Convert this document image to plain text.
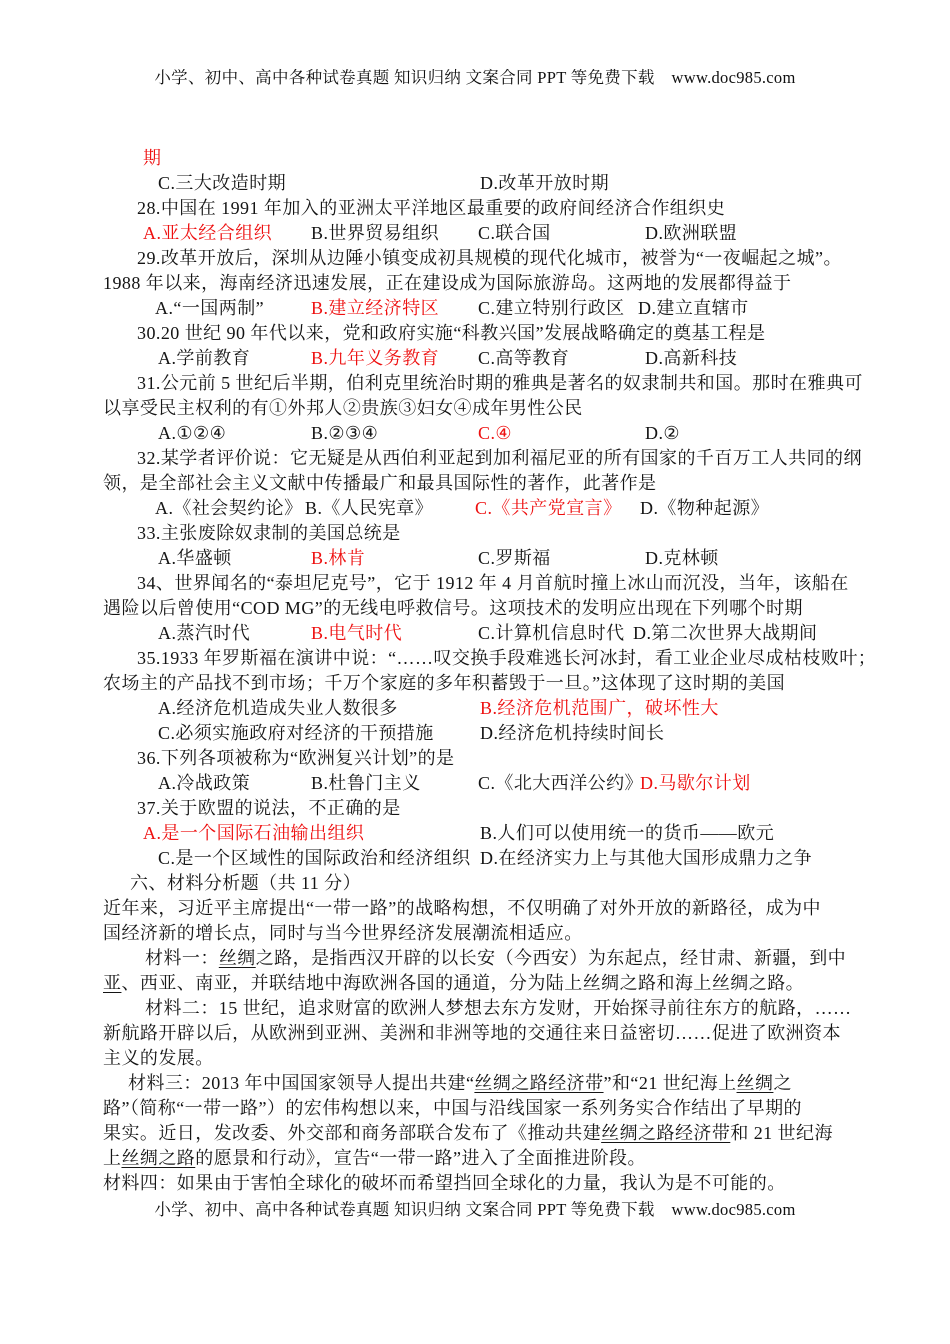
小学、初中、高中各种试卷真题 知识归纳 文案合同 PPT 等免费下载　www.doc985.com
期
C.三大改造时期	D.改革开放时期
28.中国在 1991 年加入的亚洲太平洋地区最重要的政府间经济合作组织史
A.亚太经合组织 B.世界贸易组织 C.联合国	D.欧洲联盟
29.改革开放后，深圳从边陲小镇变成初具规模的现代化城市，被誉为“一夜崛起之城”。
1988 年以来，海南经济迅速发展，正在建设成为国际旅游岛。这两地的发展都得益于
A.“一国两制”	B.建立经济特区 C.建立特别行政区 D.建立直辖市
30.20 世纪 90 年代以来，党和政府实施“科教兴国”发展战略确定的奠基工程是
A.学前教育	B.九年义务教育 C.高等教育	D.高新科技
31.公元前 5 世纪后半期，伯利克里统治时期的雅典是著名的奴隶制共和国。那时在雅典可
以享受民主权利的有①外邦人②贵族③妇女④成年男性公民
A.①②④	B.②③④	C.④	D.②
32.某学者评价说：它无疑是从西伯利亚起到加利福尼亚的所有国家的千百万工人共同的纲
领，是全部社会主义文献中传播最广和最具国际性的著作，此著作是
A.《社会契约论》 B.《人民宪章》 C.《共产党宣言》 D.《物种起源》
33.主张废除奴隶制的美国总统是
A.华盛顿	B.林肯	C.罗斯福	D.克林顿
34、世界闻名的“泰坦尼克号”，它于 1912 年 4 月首航时撞上冰山而沉没，当年，该船在
遇险以后曾使用“COD MG”的无线电呼救信号。这项技术的发明应出现在下列哪个时期
A.蒸汽时代	B.电气时代	C.计算机信息时代 D.第二次世界大战期间
35.1933 年罗斯福在演讲中说：“……叹交换手段难逃长河冰封，看工业企业尽成枯枝败叶；
农场主的产品找不到市场；千万个家庭的多年积蓄毁于一旦。”这体现了这时期的美国
A.经济危机造成失业人数很多	B.经济危机范围广，破坏性大
C.必须实施政府对经济的干预措施	D.经济危机持续时间长
36.下列各项被称为“欧洲复兴计划”的是
A.冷战政策	B.杜鲁门主义	C.《北大西洋公约》
D.马歇尔计划
37.关于欧盟的说法，不正确的是
A.是一个国际石油输出组织	B.人们可以使用统一的货币——欧元
C.是一个区域性的国际政治和经济组织 D.在经济实力上与其他大国形成鼎力之争
六、材料分析题（共 11 分）
近年来，习近平主席提出“一带一路”的战略构想，不仅明确了对外开放的新路径，成为中
国经济新的增长点，同时与当今世界经济发展潮流相适应。
材料一：丝绸之路，是指西汉开辟的以长安（今西安）为东起点，经甘肃、新疆，到中
亚、西亚、南亚，并联结地中海欧洲各国的通道，分为陆上丝绸之路和海上丝绸之路。
材料二：15 世纪，追求财富的欧洲人梦想去东方发财，开始探寻前往东方的航路，……
新航路开辟以后，从欧洲到亚洲、美洲和非洲等地的交通往来日益密切……促进了欧洲资本
主义的发展。
材料三：2013 年中国国家领导人提出共建“丝绸之路经济带”和“21 世纪海上丝绸之
路”（简称“一带一路”）的宏伟构想以来，中国与沿线国家一系列务实合作结出了早期的
果实。近日，发改委、外交部和商务部联合发布了《推动共建丝绸之路经济带和 21 世纪海
上丝绸之路的愿景和行动》，宣告“一带一路”进入了全面推进阶段。
材料四：如果由于害怕全球化的破坏而希望挡回全球化的力量，我认为是不可能的。
小学、初中、高中各种试卷真题 知识归纳 文案合同 PPT 等免费下载　www.doc985.com
